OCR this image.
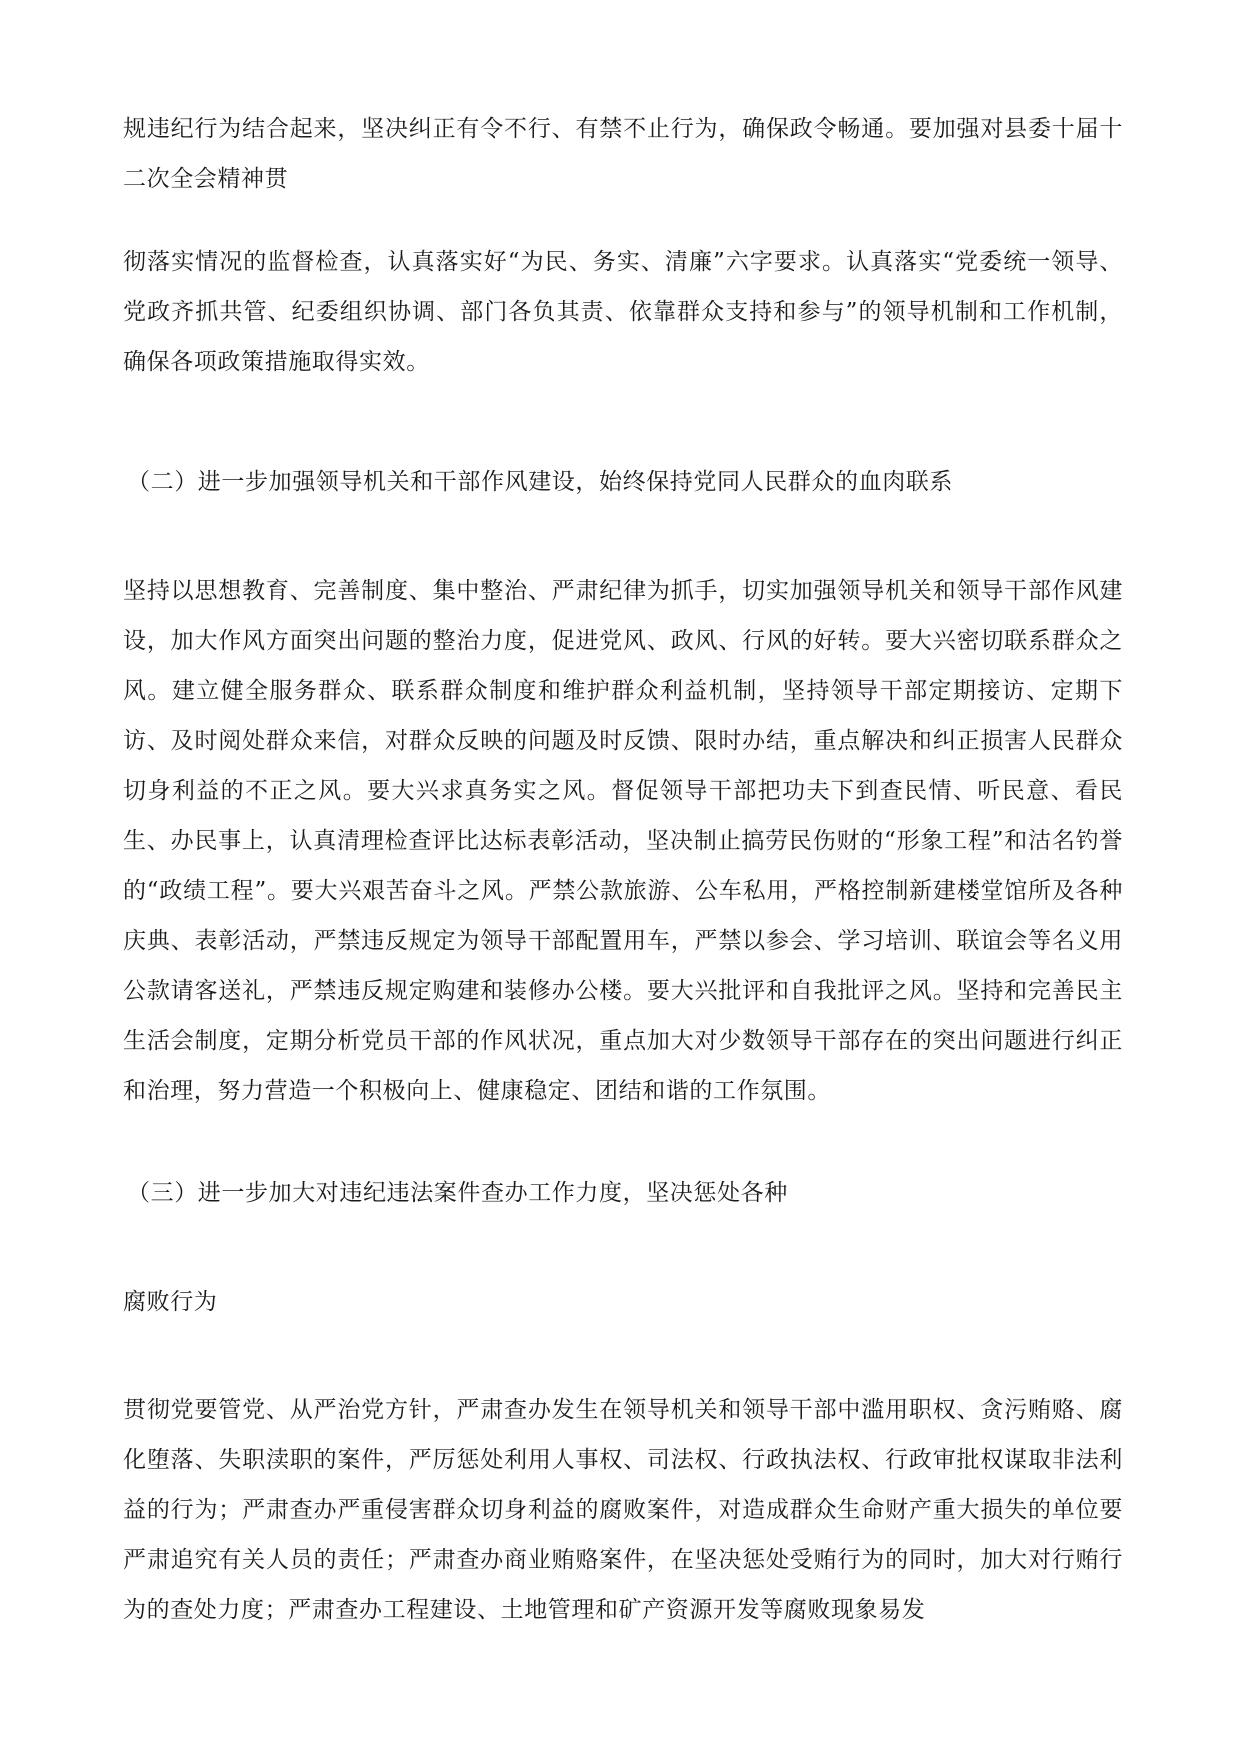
规违纪行为结合起来，坚决纠正有令不行、有禁不止行为，确保政令畅通。要加强对县委十届十二次全会精神贯

彻落实情况的监督检查，认真落实好“为民、务实、清廉”六字要求。认真落实“党委统一领导、党政齐抓共管、纪委组织协调、部门各负其责、依靠群众支持和参与”的领导机制和工作机制，确保各项政策措施取得实效。

（二）进一步加强领导机关和干部作风建设，始终保持党同人民群众的血肉联系

坚持以思想教育、完善制度、集中整治、严肃纪律为抓手，切实加强领导机关和领导干部作风建设，加大作风方面突出问题的整治力度，促进党风、政风、行风的好转。要大兴密切联系群众之风。建立健全服务群众、联系群众制度和维护群众利益机制，坚持领导干部定期接访、定期下访、及时阅处群众来信，对群众反映的问题及时反馈、限时办结，重点解决和纠正损害人民群众切身利益的不正之风。要大兴求真务实之风。督促领导干部把功夫下到查民情、听民意、看民生、办民事上，认真清理检查评比达标表彰活动，坚决制止搞劳民伤财的“形象工程”和沽名钓誉的“政绩工程”。要大兴艰苦奋斗之风。严禁公款旅游、公车私用，严格控制新建楼堂馆所及各种庆典、表彰活动，严禁违反规定为领导干部配置用车，严禁以参会、学习培训、联谊会等名义用公款请客送礼，严禁违反规定购建和装修办公楼。要大兴批评和自我批评之风。坚持和完善民主生活会制度，定期分析党员干部的作风状况，重点加大对少数领导干部存在的突出问题进行纠正和治理，努力营造一个积极向上、健康稳定、团结和谐的工作氛围。

（三）进一步加大对违纪违法案件查办工作力度，坚决惩处各种

腐败行为

贯彻党要管党、从严治党方针，严肃查办发生在领导机关和领导干部中滥用职权、贪污贿赂、腐化堕落、失职渎职的案件，严厉惩处利用人事权、司法权、行政执法权、行政审批权谋取非法利益的行为；严肃查办严重侵害群众切身利益的腐败案件，对造成群众生命财产重大损失的单位要严肃追究有关人员的责任；严肃查办商业贿赂案件，在坚决惩处受贿行为的同时，加大对行贿行为的查处力度；严肃查办工程建设、土地管理和矿产资源开发等腐败现象易发
